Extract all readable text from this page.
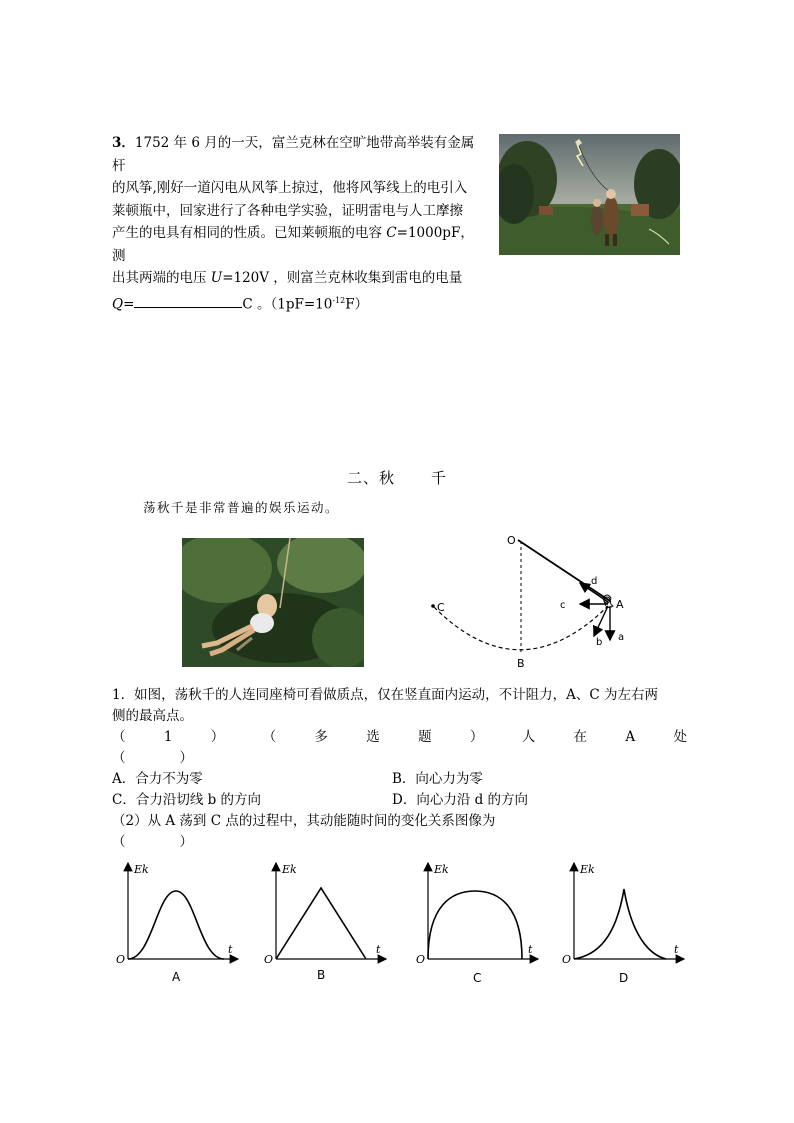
3．1752 年 6 月的一天，富兰克林在空旷地带高举装有金属杆

的风筝,刚好一道闪电从风筝上掠过，他将风筝线上的电引入

莱顿瓶中，回家进行了各种电学实验，证明雷电与人工摩擦

产生的电具有相同的性质。已知莱顿瓶的电容 C=1000pF，测

出其两端的电压 U=120V ，则富兰克林收集到雷电的电量

Q=	C 。$(1pF=10^{-12}F)$

二、秋 千
荡秋千是非常普遍的娱乐运动。
O
A
B
C
a
b
c
d

1．如图，荡秋千的人连同座椅可看做质点，仅在竖直面内运动，不计阻力，A、C 为左右两

侧的最高点。

（	1	）	（	多	选	题	）	人	在	A	处

（　　　　）

A．合力不为零	B．向心力为零
C．合力沿切线 b 的方向	D．向心力沿 d 的方向

（2）从 A 荡到 C 点的过程中，其动能随时间的变化关系图像为

（　　　　）

Ek
O
t
A
Ek
O
t
B
Ek
O
t
C
Ek
O
t
D
